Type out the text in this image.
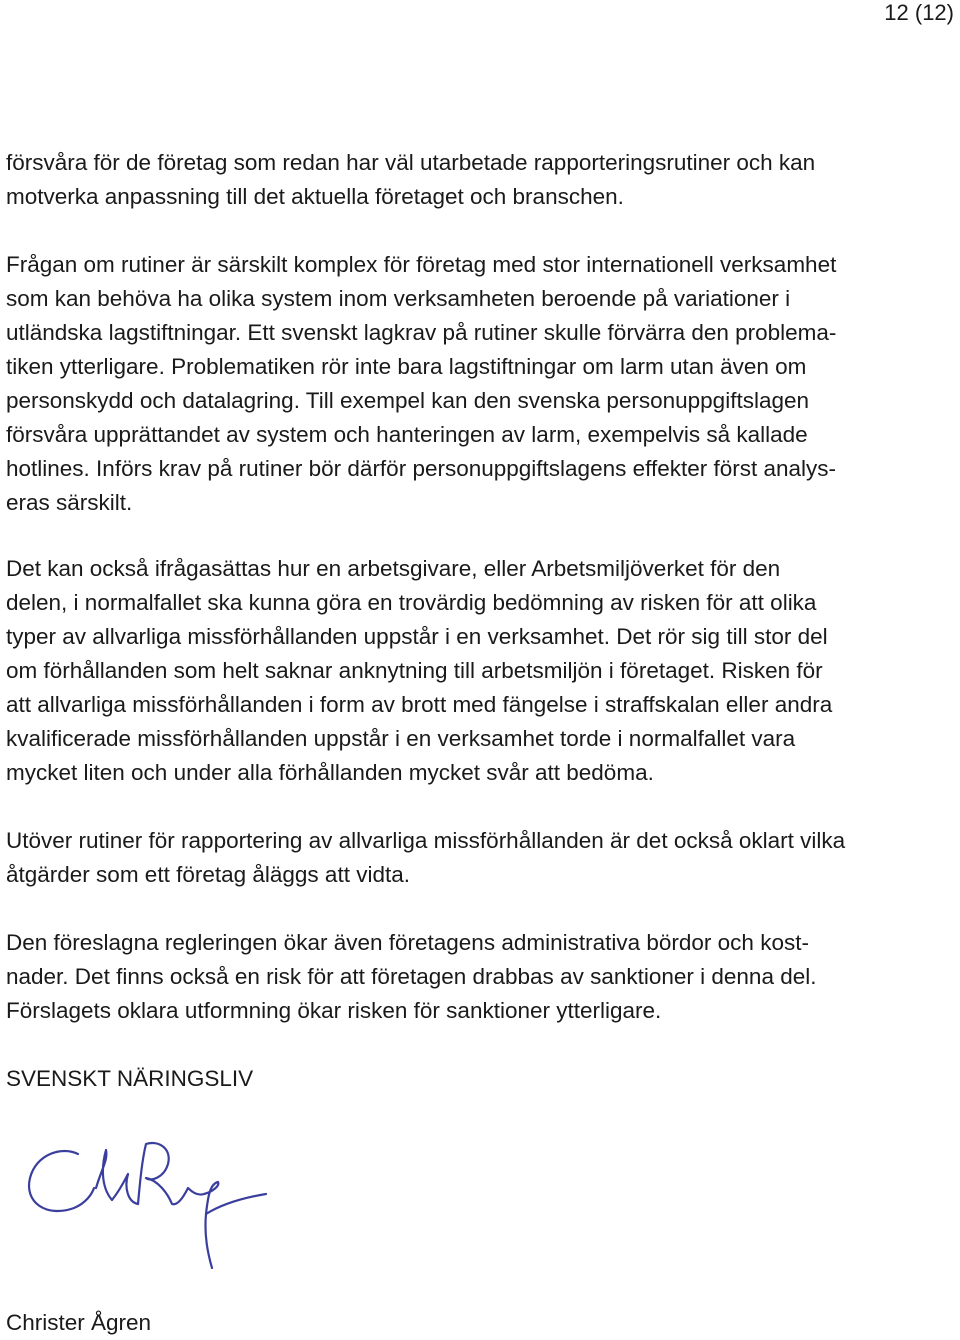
12 (12)
försvåra för de företag som redan har väl utarbetade rapporteringsrutiner och kan
motverka anpassning till det aktuella företaget och branschen.
Frågan om rutiner är särskilt komplex för företag med stor internationell verksamhet
som kan behöva ha olika system inom verksamheten beroende på variationer i
utländska lagstiftningar. Ett svenskt lagkrav på rutiner skulle förvärra den problema-
tiken ytterligare. Problematiken rör inte bara lagstiftningar om larm utan även om
personskydd och datalagring. Till exempel kan den svenska personuppgiftslagen
försvåra upprättandet av system och hanteringen av larm, exempelvis så kallade
hotlines. Införs krav på rutiner bör därför personuppgiftslagens effekter först analys-
eras särskilt.
Det kan också ifrågasättas hur en arbetsgivare, eller Arbetsmiljöverket för den
delen, i normalfallet ska kunna göra en trovärdig bedömning av risken för att olika
typer av allvarliga missförhållanden uppstår i en verksamhet. Det rör sig till stor del
om förhållanden som helt saknar anknytning till arbetsmiljön i företaget. Risken för
att allvarliga missförhållanden i form av brott med fängelse i straffskalan eller andra
kvalificerade missförhållanden uppstår i en verksamhet torde i normalfallet vara
mycket liten och under alla förhållanden mycket svår att bedöma.
Utöver rutiner för rapportering av allvarliga missförhållanden är det också oklart vilka
åtgärder som ett företag åläggs att vidta.
Den föreslagna regleringen ökar även företagens administrativa bördor och kost-
nader. Det finns också en risk för att företagen drabbas av sanktioner i denna del.
Förslagets oklara utformning ökar risken för sanktioner ytterligare.
SVENSKT NÄRINGSLIV
Christer Ågren
